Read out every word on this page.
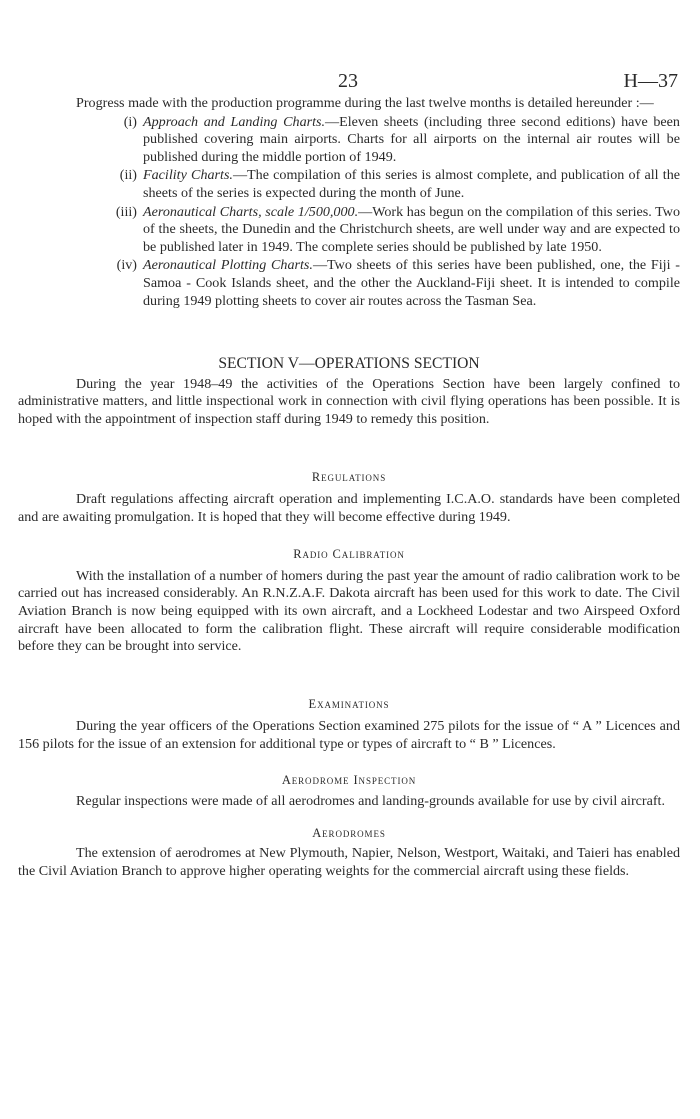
23	H—37

Progress made with the production programme during the last twelve months is detailed hereunder :—

(i) Approach and Landing Charts.—Eleven sheets (including three second editions) have been published covering main airports. Charts for all airports on the internal air routes will be published during the middle portion of 1949.
(ii) Facility Charts.—The compilation of this series is almost complete, and publication of all the sheets of the series is expected during the month of June.
(iii) Aeronautical Charts, scale 1/500,000.—Work has begun on the compilation of this series. Two of the sheets, the Dunedin and the Christchurch sheets, are well under way and are expected to be published later in 1949. The complete series should be published by late 1950.
(iv) Aeronautical Plotting Charts.—Two sheets of this series have been published, one, the Fiji - Samoa - Cook Islands sheet, and the other the Auckland-Fiji sheet. It is intended to compile during 1949 plotting sheets to cover air routes across the Tasman Sea.
SECTION V—OPERATIONS SECTION

During the year 1948–49 the activities of the Operations Section have been largely confined to administrative matters, and little inspectional work in connection with civil flying operations has been possible. It is hoped with the appointment of inspection staff during 1949 to remedy this position.

Regulations

Draft regulations affecting aircraft operation and implementing I.C.A.O. standards have been completed and are awaiting promulgation. It is hoped that they will become effective during 1949.

Radio Calibration

With the installation of a number of homers during the past year the amount of radio calibration work to be carried out has increased considerably. An R.N.Z.A.F. Dakota aircraft has been used for this work to date. The Civil Aviation Branch is now being equipped with its own aircraft, and a Lockheed Lodestar and two Airspeed Oxford aircraft have been allocated to form the calibration flight. These aircraft will require considerable modification before they can be brought into service.

Examinations

During the year officers of the Operations Section examined 275 pilots for the issue of “ A ” Licences and 156 pilots for the issue of an extension for additional type or types of aircraft to “ B ” Licences.

Aerodrome Inspection

Regular inspections were made of all aerodromes and landing-grounds available for use by civil aircraft.

Aerodromes

The extension of aerodromes at New Plymouth, Napier, Nelson, Westport, Waitaki, and Taieri has enabled the Civil Aviation Branch to approve higher operating weights for the commercial aircraft using these fields.
